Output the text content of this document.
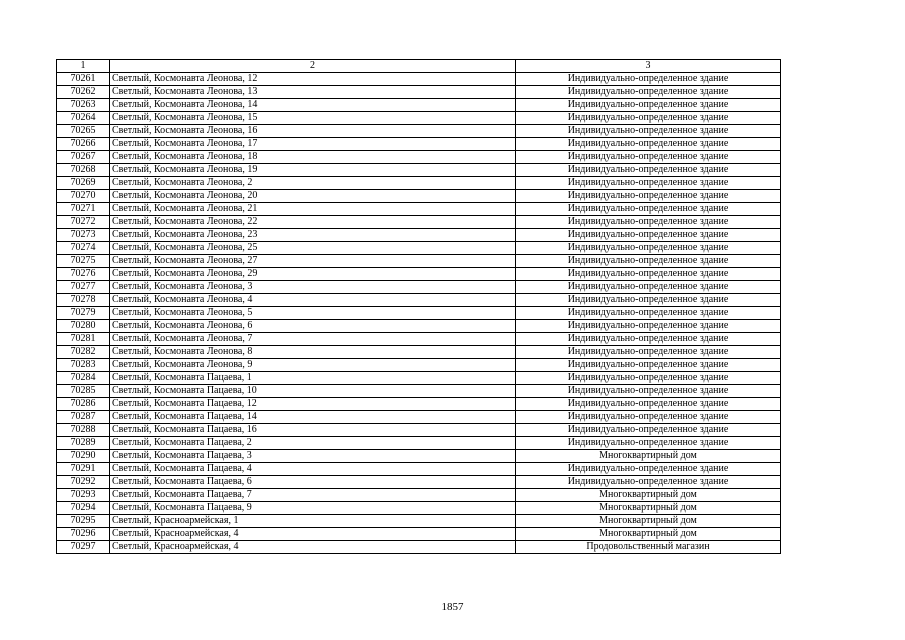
1	2	3
70261	Светлый, Космонавта Леонова, 12	Индивидуально-определенное здание
70262	Светлый, Космонавта Леонова, 13	Индивидуально-определенное здание
70263	Светлый, Космонавта Леонова, 14	Индивидуально-определенное здание
70264	Светлый, Космонавта Леонова, 15	Индивидуально-определенное здание
70265	Светлый, Космонавта Леонова, 16	Индивидуально-определенное здание
70266	Светлый, Космонавта Леонова, 17	Индивидуально-определенное здание
70267	Светлый, Космонавта Леонова, 18	Индивидуально-определенное здание
70268	Светлый, Космонавта Леонова, 19	Индивидуально-определенное здание
70269	Светлый, Космонавта Леонова, 2	Индивидуально-определенное здание
70270	Светлый, Космонавта Леонова, 20	Индивидуально-определенное здание
70271	Светлый, Космонавта Леонова, 21	Индивидуально-определенное здание
70272	Светлый, Космонавта Леонова, 22	Индивидуально-определенное здание
70273	Светлый, Космонавта Леонова, 23	Индивидуально-определенное здание
70274	Светлый, Космонавта Леонова, 25	Индивидуально-определенное здание
70275	Светлый, Космонавта Леонова, 27	Индивидуально-определенное здание
70276	Светлый, Космонавта Леонова, 29	Индивидуально-определенное здание
70277	Светлый, Космонавта Леонова, 3	Индивидуально-определенное здание
70278	Светлый, Космонавта Леонова, 4	Индивидуально-определенное здание
70279	Светлый, Космонавта Леонова, 5	Индивидуально-определенное здание
70280	Светлый, Космонавта Леонова, 6	Индивидуально-определенное здание
70281	Светлый, Космонавта Леонова, 7	Индивидуально-определенное здание
70282	Светлый, Космонавта Леонова, 8	Индивидуально-определенное здание
70283	Светлый, Космонавта Леонова, 9	Индивидуально-определенное здание
70284	Светлый, Космонавта Пацаева, 1	Индивидуально-определенное здание
70285	Светлый, Космонавта Пацаева, 10	Индивидуально-определенное здание
70286	Светлый, Космонавта Пацаева, 12	Индивидуально-определенное здание
70287	Светлый, Космонавта Пацаева, 14	Индивидуально-определенное здание
70288	Светлый, Космонавта Пацаева, 16	Индивидуально-определенное здание
70289	Светлый, Космонавта Пацаева, 2	Индивидуально-определенное здание
70290	Светлый, Космонавта Пацаева, 3	Многоквартирный дом
70291	Светлый, Космонавта Пацаева, 4	Индивидуально-определенное здание
70292	Светлый, Космонавта Пацаева, 6	Индивидуально-определенное здание
70293	Светлый, Космонавта Пацаева, 7	Многоквартирный дом
70294	Светлый, Космонавта Пацаева, 9	Многоквартирный дом
70295	Светлый, Красноармейская, 1	Многоквартирный дом
70296	Светлый, Красноармейская, 4	Многоквартирный дом
70297	Светлый, Красноармейская, 4	Продовольственный магазин
1857
